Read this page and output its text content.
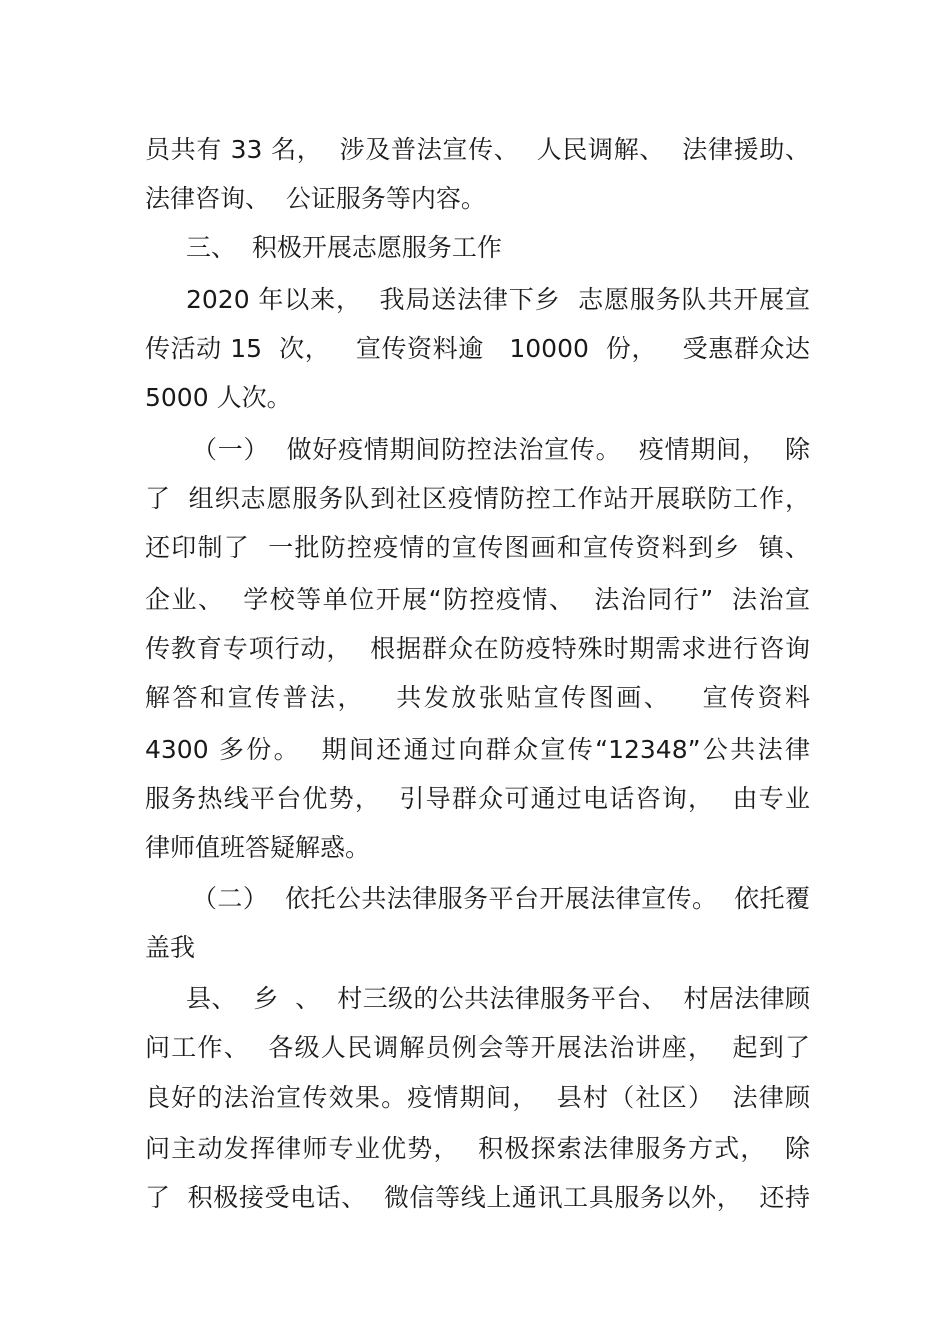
员共有 33 名，  涉及普法宣传、  人民调解、  法律援助、
法律咨询、  公证服务等内容。
三、  积极开展志愿服务工作
2020 年以来，  我局送法律下乡  志愿服务队共开展宣
传活动 15  次，   宣传资料逾   10000  份，   受惠群众达
5000 人次。
（一）  做好疫情期间防控法治宣传。  疫情期间，  除
了  组织志愿服务队到社区疫情防控工作站开展联防工作，
还印制了  一批防控疫情的宣传图画和宣传资料到乡  镇、
企业、  学校等单位开展“防控疫情、  法治同行”  法治宣
传教育专项行动，  根据群众在防疫特殊时期需求进行咨询
解答和宣传普法，   共发放张贴宣传图画、   宣传资料
4300 多份。  期间还通过向群众宣传“12348”公共法律
服务热线平台优势，  引导群众可通过电话咨询，  由专业
律师值班答疑解惑。
（二）  依托公共法律服务平台开展法律宣传。  依托覆
盖我
县、  乡  、  村三级的公共法律服务平台、  村居法律顾
问工作、  各级人民调解员例会等开展法治讲座，  起到了
良好的法治宣传效果。疫情期间，  县村（社区）  法律顾
问主动发挥律师专业优势，  积极探索法律服务方式，  除
了  积极接受电话、  微信等线上通讯工具服务以外，  还持
